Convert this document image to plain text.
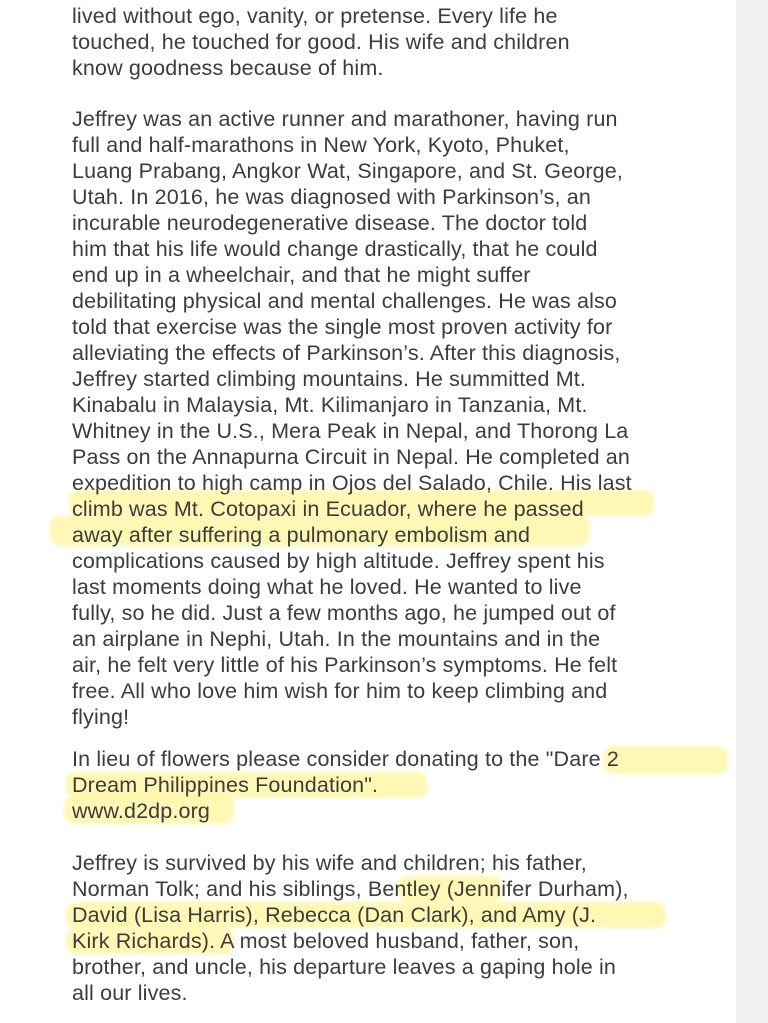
lived without ego, vanity, or pretense. Every life he
touched, he touched for good. His wife and children
know goodness because of him.
Jeffrey was an active runner and marathoner, having run
full and half-marathons in New York, Kyoto, Phuket,
Luang Prabang, Angkor Wat, Singapore, and St. George,
Utah. In 2016, he was diagnosed with Parkinson’s, an
incurable neurodegenerative disease. The doctor told
him that his life would change drastically, that he could
end up in a wheelchair, and that he might suffer
debilitating physical and mental challenges. He was also
told that exercise was the single most proven activity for
alleviating the effects of Parkinson’s. After this diagnosis,
Jeffrey started climbing mountains. He summitted Mt.
Kinabalu in Malaysia, Mt. Kilimanjaro in Tanzania, Mt.
Whitney in the U.S., Mera Peak in Nepal, and Thorong La
Pass on the Annapurna Circuit in Nepal. He completed an
expedition to high camp in Ojos del Salado, Chile. His last
climb was Mt. Cotopaxi in Ecuador, where he passed
away after suffering a pulmonary embolism and
complications caused by high altitude. Jeffrey spent his
last moments doing what he loved. He wanted to live
fully, so he did. Just a few months ago, he jumped out of
an airplane in Nephi, Utah. In the mountains and in the
air, he felt very little of his Parkinson’s symptoms. He felt
free. All who love him wish for him to keep climbing and
flying!
In lieu of flowers please consider donating to the "Dare 2
Dream Philippines Foundation".
www.d2dp.org
Jeffrey is survived by his wife and children; his father,
Norman Tolk; and his siblings, Bentley (Jennifer Durham),
David (Lisa Harris), Rebecca (Dan Clark), and Amy (J.
Kirk Richards). A most beloved husband, father, son,
brother, and uncle, his departure leaves a gaping hole in
all our lives.
